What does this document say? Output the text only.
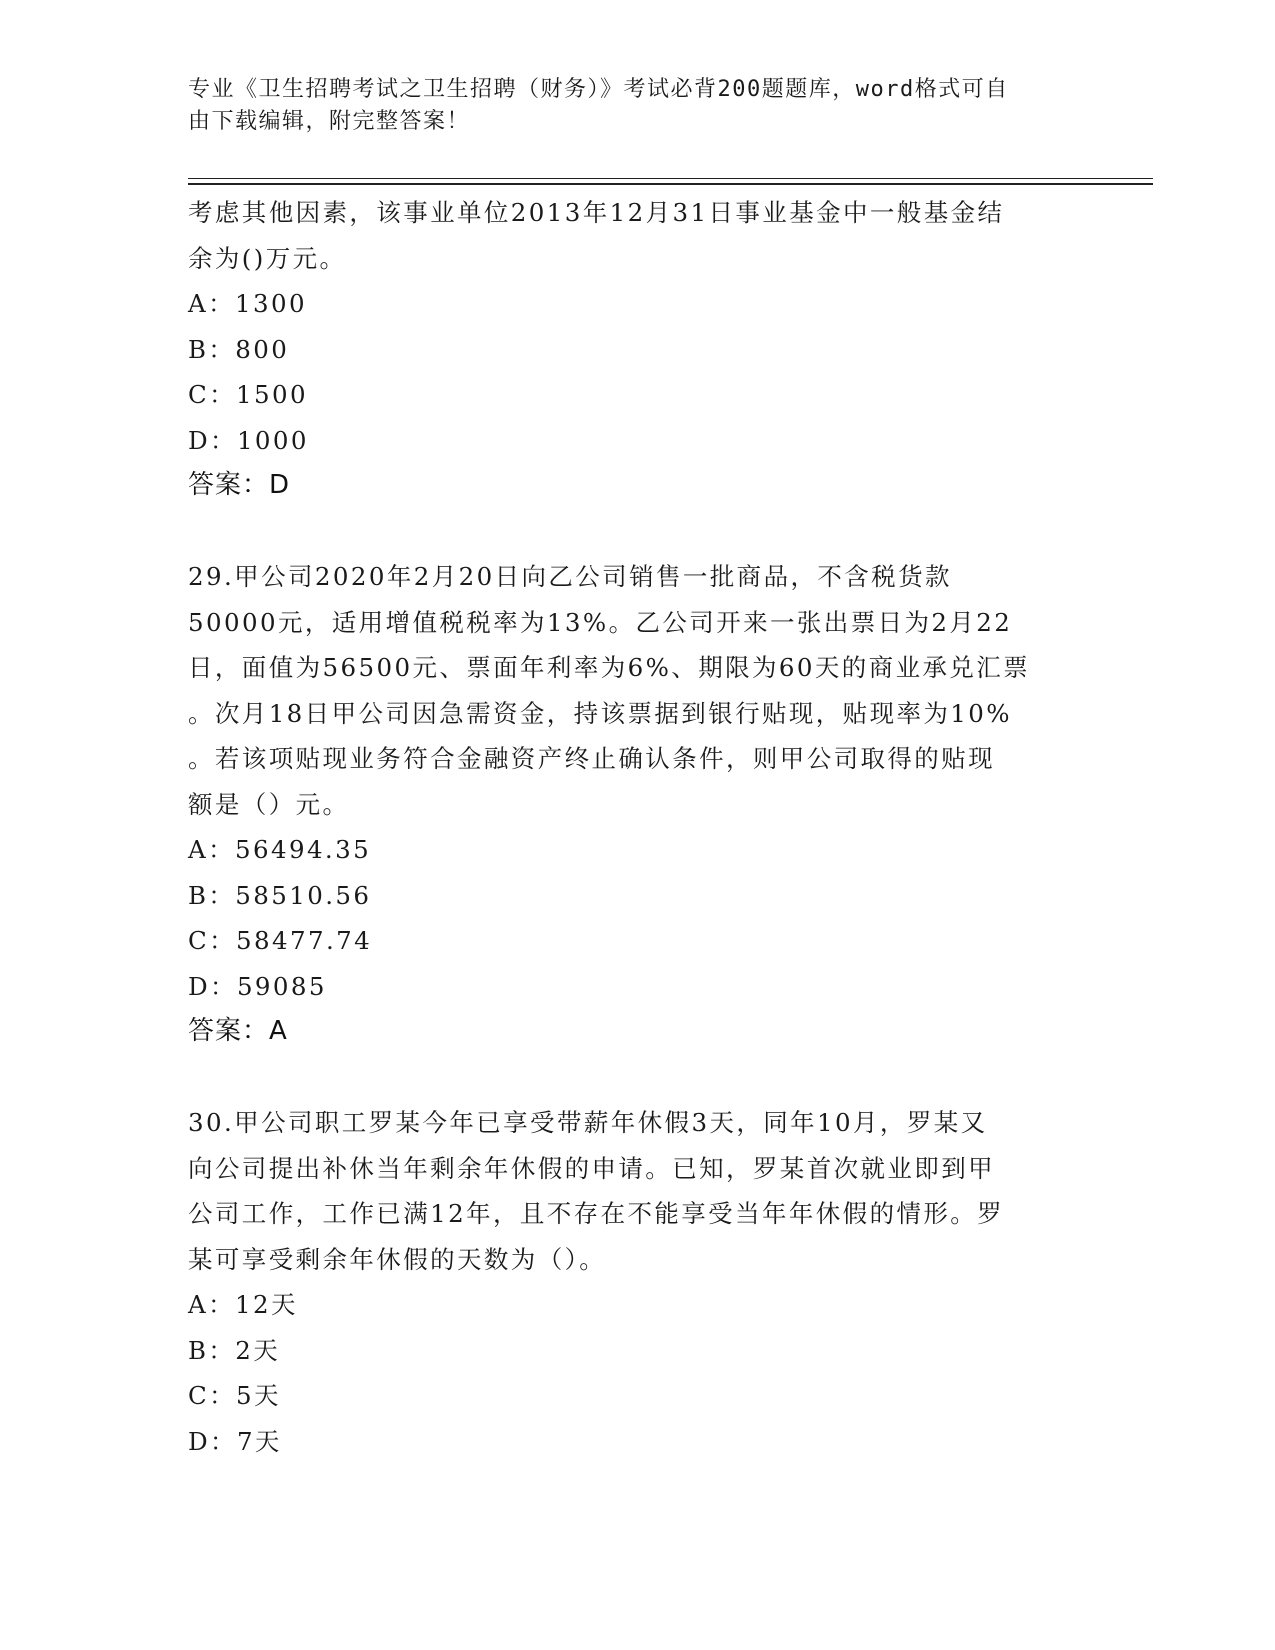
专业《卫生招聘考试之卫生招聘（财务）》考试必背200题题库，word格式可自
由下载编辑，附完整答案！
考虑其他因素，该事业单位2013年12月31日事业基金中一般基金结
余为()万元。
A：1300
B：800
C：1500
D：1000
答案：D
29.甲公司2020年2月20日向乙公司销售一批商品，不含税货款
50000元，适用增值税税率为13%。乙公司开来一张出票日为2月22
日，面值为56500元、票面年利率为6%、期限为60天的商业承兑汇票
。次月18日甲公司因急需资金，持该票据到银行贴现，贴现率为10%
。若该项贴现业务符合金融资产终止确认条件，则甲公司取得的贴现
额是（）元。
A：56494.35
B：58510.56
C：58477.74
D：59085
答案：A
30.甲公司职工罗某今年已享受带薪年休假3天，同年10月，罗某又
向公司提出补休当年剩余年休假的申请。已知，罗某首次就业即到甲
公司工作，工作已满12年，且不存在不能享受当年年休假的情形。罗
某可享受剩余年休假的天数为（）。
A：12天
B：2天
C：5天
D：7天
